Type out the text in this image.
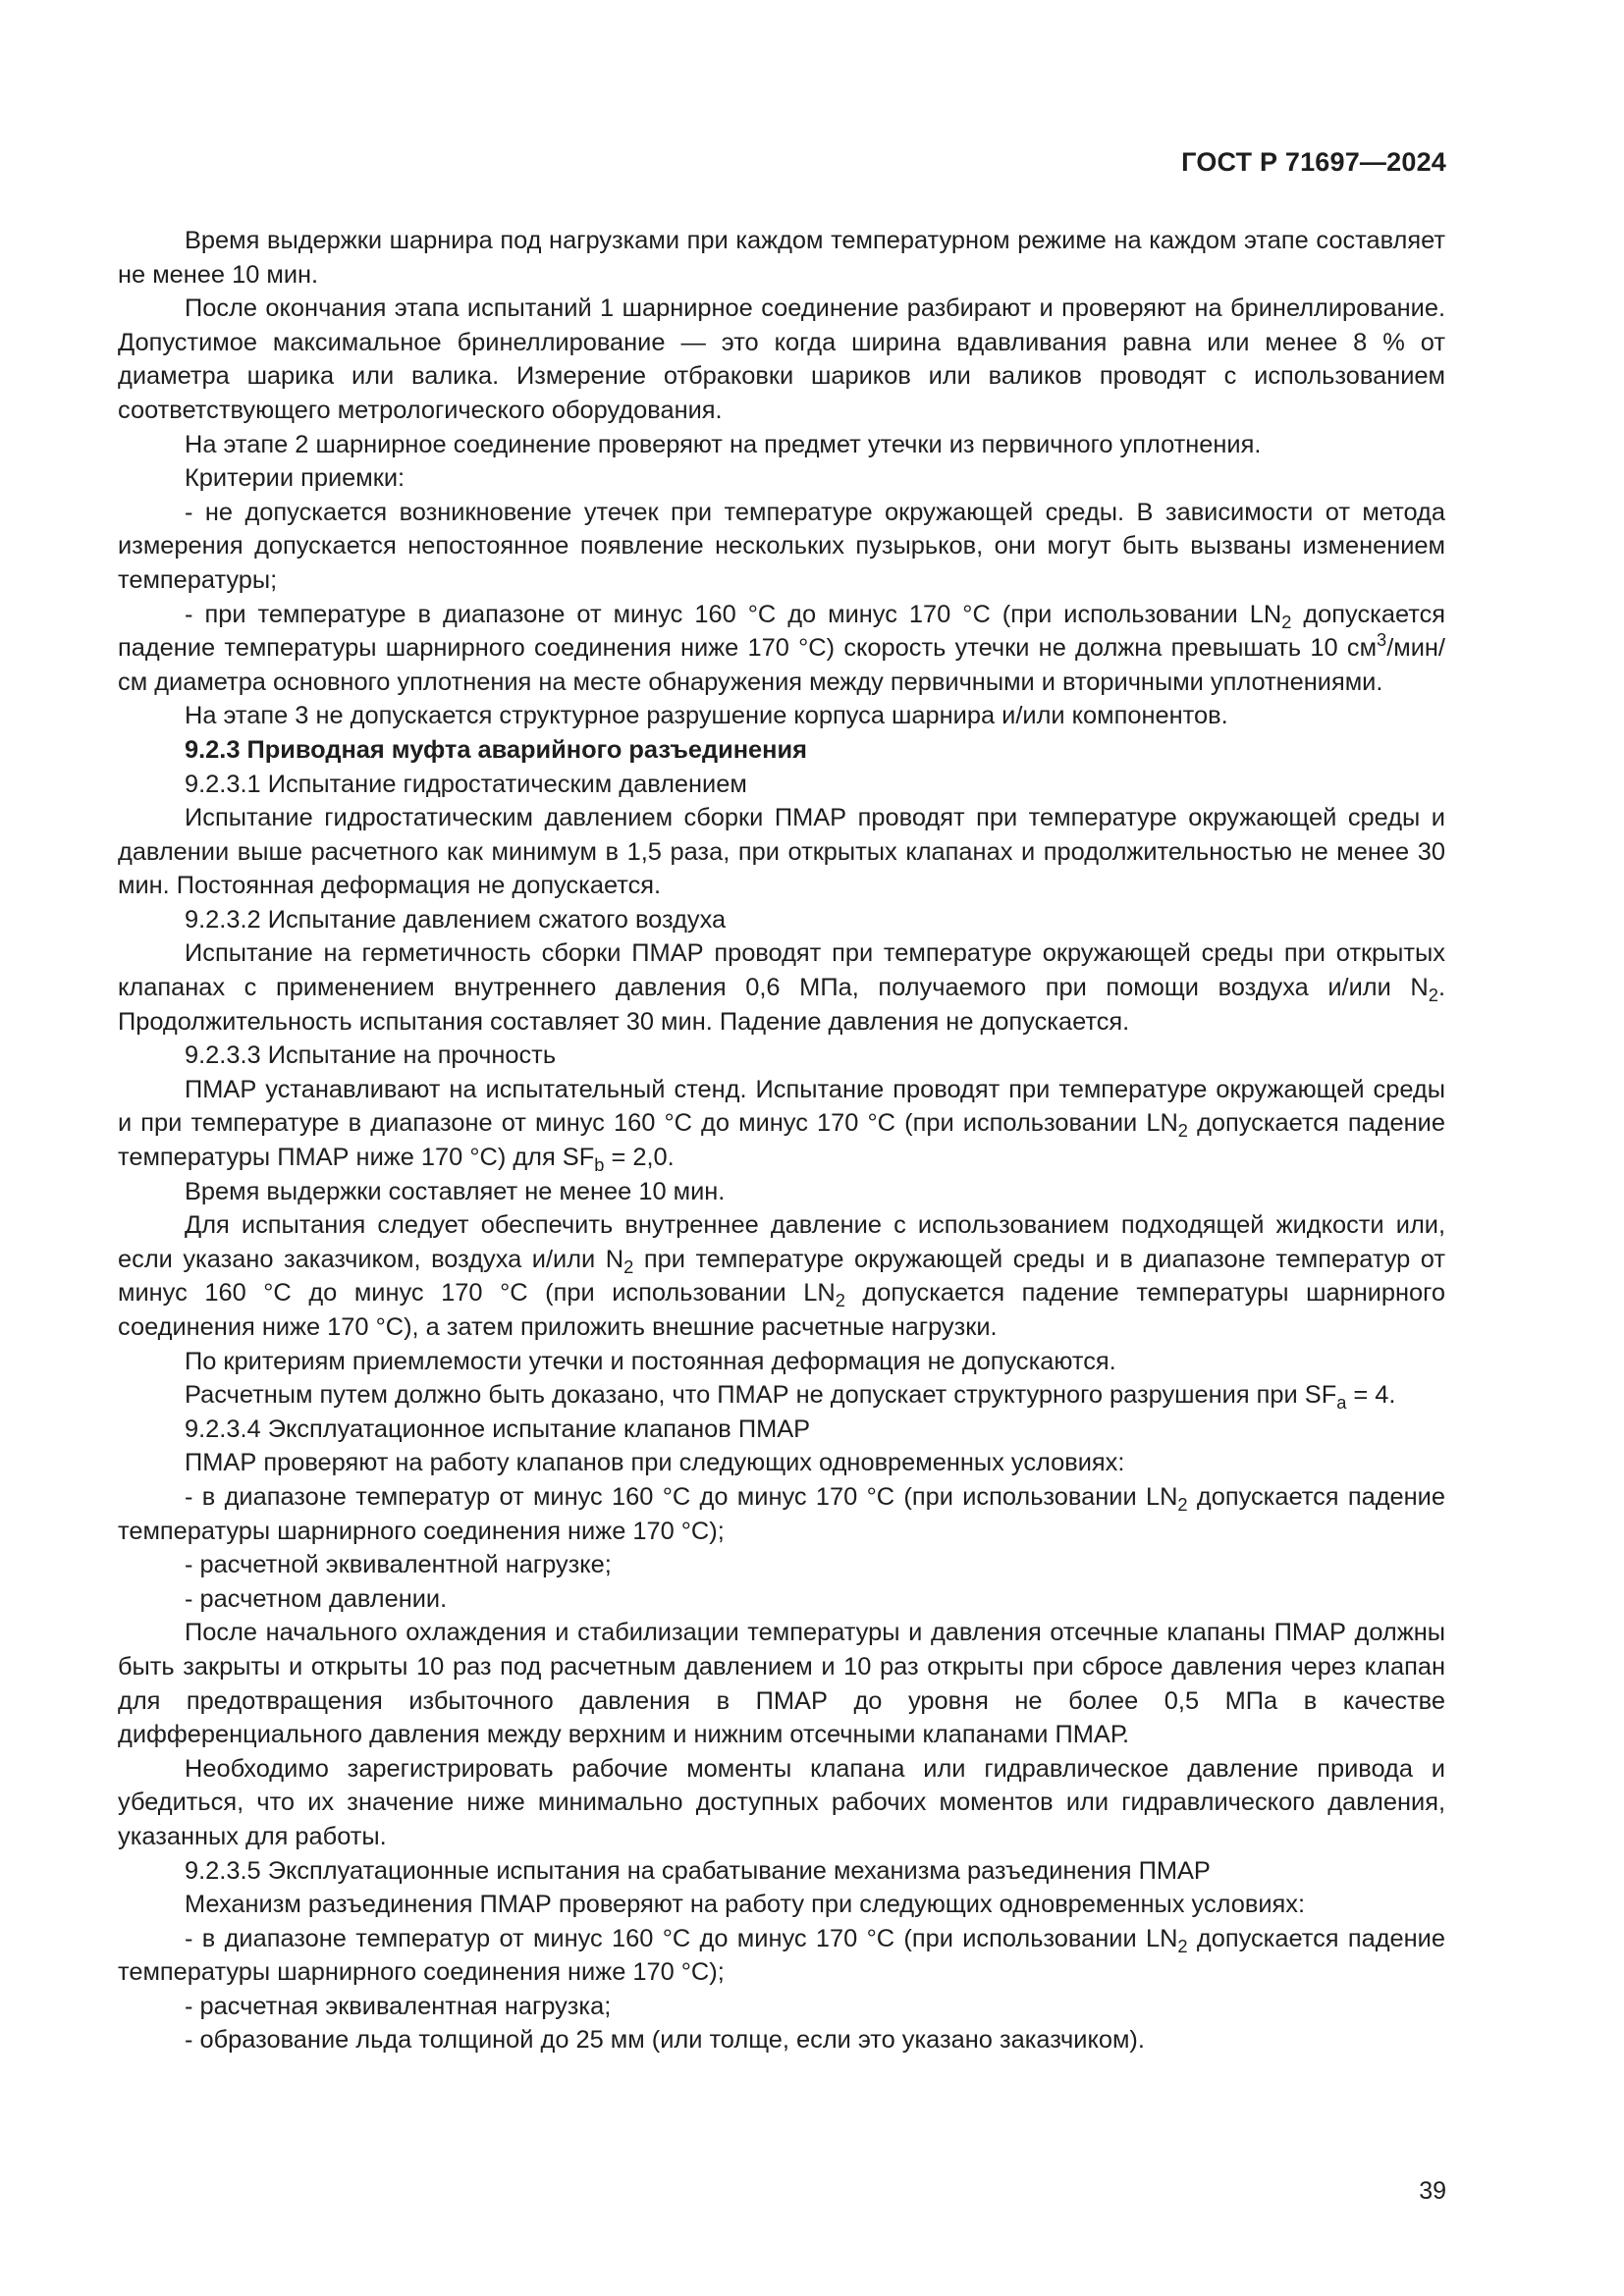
ГОСТ Р 71697—2024

Время выдержки шарнира под нагрузками при каждом температурном режиме на каждом этапе составляет не менее 10 мин.

После окончания этапа испытаний 1 шарнирное соединение разбирают и проверяют на бринеллирование. Допустимое максимальное бринеллирование — это когда ширина вдавливания равна или менее 8 % от диаметра шарика или валика. Измерение отбраковки шариков или валиков проводят с использованием соответствующего метрологического оборудования.

На этапе 2 шарнирное соединение проверяют на предмет утечки из первичного уплотнения.

Критерии приемки:

- не допускается возникновение утечек при температуре окружающей среды. В зависимости от метода измерения допускается непостоянное появление нескольких пузырьков, они могут быть вызваны изменением температуры;

- при температуре в диапазоне от минус 160 °C до минус 170 °C (при использовании $LN_2$ допускается падение температуры шарнирного соединения ниже 170 °C) скорость утечки не должна превышать 10 $см^3/мин/см$ диаметра основного уплотнения на месте обнаружения между первичными и вторичными уплотнениями.

На этапе 3 не допускается структурное разрушение корпуса шарнира и/или компонентов.

9.2.3 Приводная муфта аварийного разъединения

9.2.3.1 Испытание гидростатическим давлением

Испытание гидростатическим давлением сборки ПМАР проводят при температуре окружающей среды и давлении выше расчетного как минимум в 1,5 раза, при открытых клапанах и продолжительностью не менее 30 мин. Постоянная деформация не допускается.

9.2.3.2 Испытание давлением сжатого воздуха

Испытание на герметичность сборки ПМАР проводят при температуре окружающей среды при открытых клапанах с применением внутреннего давления 0,6 МПа, получаемого при помощи воздуха и/или $N_2$. Продолжительность испытания составляет 30 мин. Падение давления не допускается.

9.2.3.3 Испытание на прочность

ПМАР устанавливают на испытательный стенд. Испытание проводят при температуре окружающей среды и при температуре в диапазоне от минус 160 °C до минус 170 °C (при использовании $LN_2$ допускается падение температуры ПМАР ниже 170 °C) для $SF_b = 2,0$.

Время выдержки составляет не менее 10 мин.

Для испытания следует обеспечить внутреннее давление с использованием подходящей жидкости или, если указано заказчиком, воздуха и/или $N_2$ при температуре окружающей среды и в диапазоне температур от минус 160 °C до минус 170 °C (при использовании $LN_2$ допускается падение температуры шарнирного соединения ниже 170 °C), а затем приложить внешние расчетные нагрузки.

По критериям приемлемости утечки и постоянная деформация не допускаются.

Расчетным путем должно быть доказано, что ПМАР не допускает структурного разрушения при $SF_a = 4$.

9.2.3.4 Эксплуатационное испытание клапанов ПМАР

ПМАР проверяют на работу клапанов при следующих одновременных условиях:

- в диапазоне температур от минус 160 °C до минус 170 °C (при использовании $LN_2$ допускается падение температуры шарнирного соединения ниже 170 °C);

- расчетной эквивалентной нагрузке;

- расчетном давлении.

После начального охлаждения и стабилизации температуры и давления отсечные клапаны ПМАР должны быть закрыты и открыты 10 раз под расчетным давлением и 10 раз открыты при сбросе давления через клапан для предотвращения избыточного давления в ПМАР до уровня не более 0,5 МПа в качестве дифференциального давления между верхним и нижним отсечными клапанами ПМАР.

Необходимо зарегистрировать рабочие моменты клапана или гидравлическое давление привода и убедиться, что их значение ниже минимально доступных рабочих моментов или гидравлического давления, указанных для работы.

9.2.3.5 Эксплуатационные испытания на срабатывание механизма разъединения ПМАР

Механизм разъединения ПМАР проверяют на работу при следующих одновременных условиях:

- в диапазоне температур от минус 160 °C до минус 170 °C (при использовании $LN_2$ допускается падение температуры шарнирного соединения ниже 170 °C);

- расчетная эквивалентная нагрузка;

- образование льда толщиной до 25 мм (или толще, если это указано заказчиком).

39
